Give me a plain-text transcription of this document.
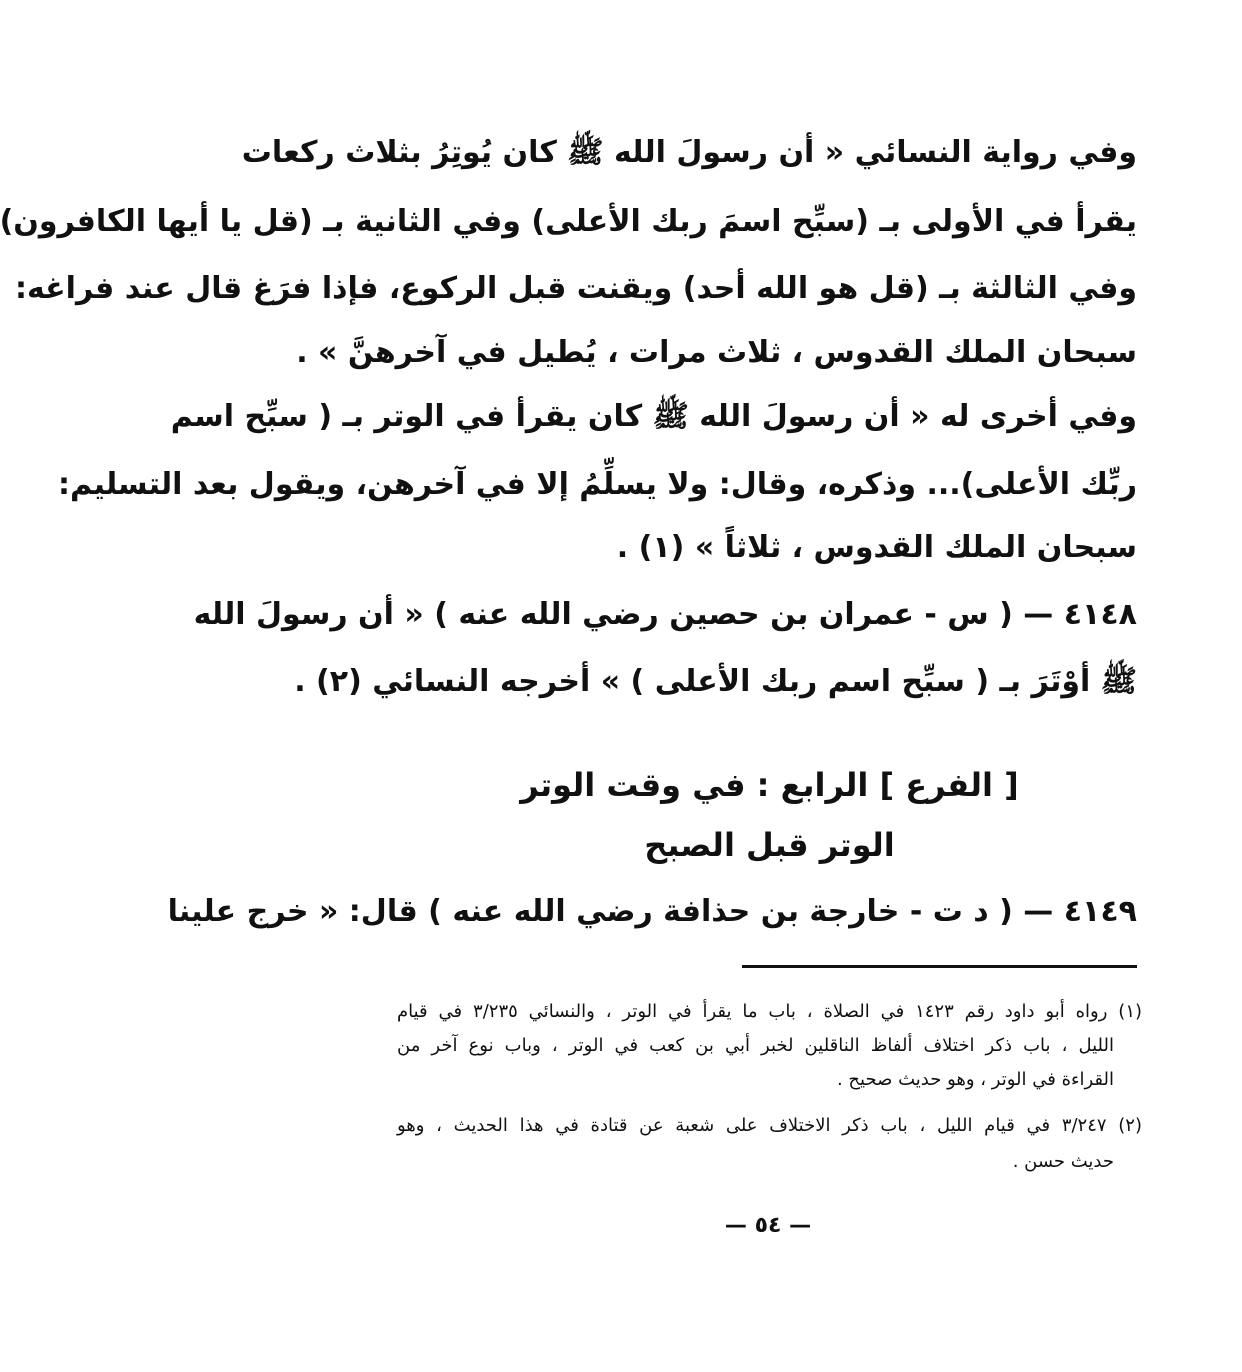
وفي رواية النسائي « أن رسولَ الله ﷺ كان يُوتِرُ بثلاث ركعات
يقرأ في الأولى بـ (سبِّح اسمَ ربك الأعلى) وفي الثانية بـ (قل يا أيها الكافرون)
وفي الثالثة بـ (قل هو الله أحد) ويقنت قبل الركوع، فإذا فرَغ قال عند فراغه:
سبحان الملك القدوس ، ثلاث مرات ، يُطيل في آخرهنَّ » .
وفي أخرى له « أن رسولَ الله ﷺ كان يقرأ في الوتر بـ ( سبِّح اسم
ربِّك الأعلى)... وذكره، وقال: ولا يسلِّمُ إلا في آخرهن، ويقول بعد التسليم:
سبحان الملك القدوس ، ثلاثاً » (١) .
٤١٤٨ — ( س - عمران بن حصين رضي الله عنه ) « أن رسولَ الله
ﷺ أوْتَرَ بـ ( سبِّح اسم ربك الأعلى ) » أخرجه النسائي (٢) .
[ الفرع ] الرابع : في وقت الوتر
الوتر قبل الصبح
٤١٤٩ — ( د ت - خارجة بن حذافة رضي الله عنه ) قال: « خرج علينا
(١) رواه أبو داود رقم ١٤٢٣ في الصلاة ، باب ما يقرأ في الوتر ، والنسائي ٣/٢٣٥ في قيام
الليل ، باب ذكر اختلاف ألفاظ الناقلين لخبر أبي بن كعب في الوتر ، وباب نوع آخر من
القراءة في الوتر ، وهو حديث صحيح .
(٢) ٣/٢٤٧ في قيام الليل ، باب ذكر الاختلاف على شعبة عن قتادة في هذا الحديث ، وهو
حديث حسن .
— ٥٤ —
